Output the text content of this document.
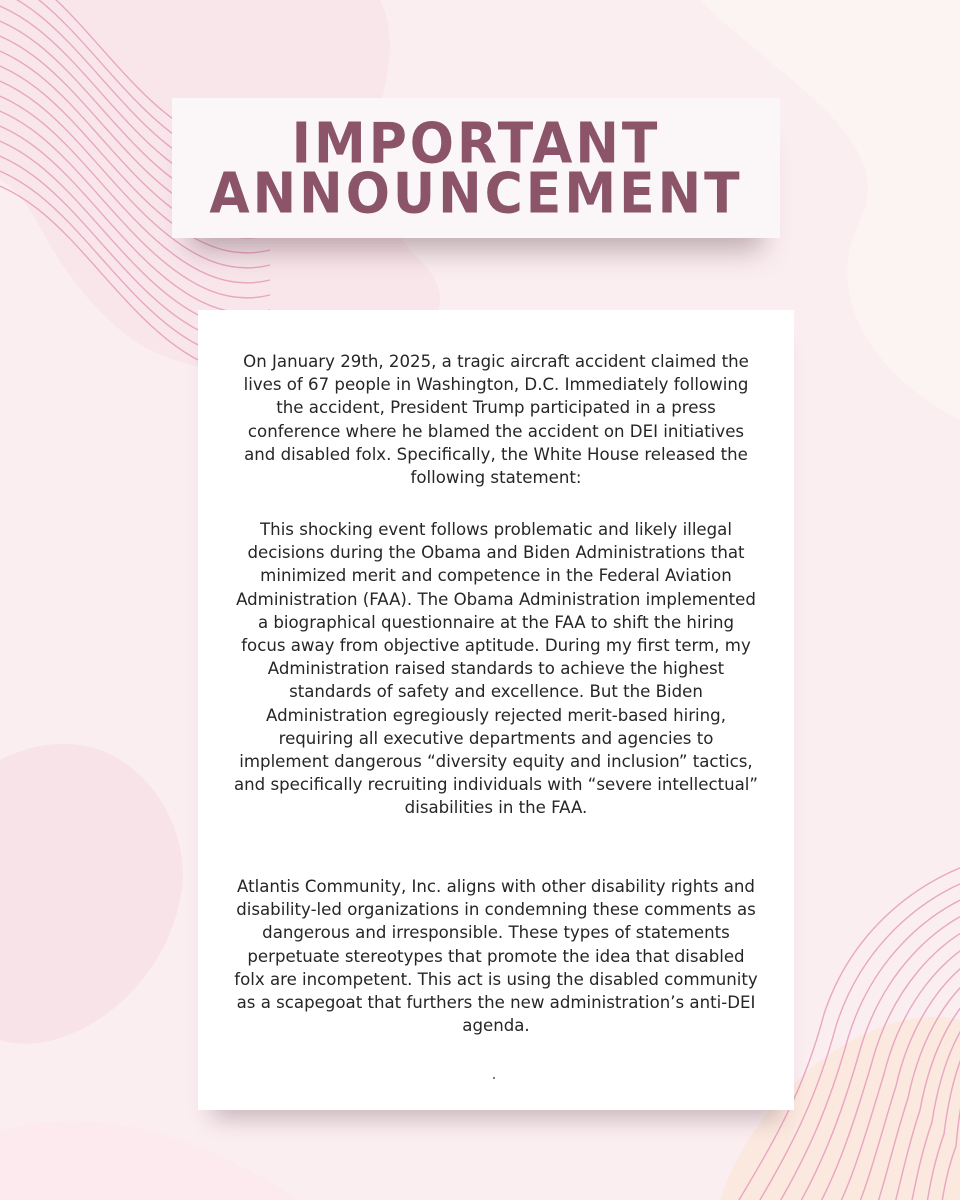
IMPORTANT
ANNOUNCEMENT

On January 29th, 2025, a tragic aircraft accident claimed the lives of 67 people in Washington, D.C. Immediately following the accident, President Trump participated in a press conference where he blamed the accident on DEI initiatives and disabled folx. Specifically, the White House released the following statement:

This shocking event follows problematic and likely illegal decisions during the Obama and Biden Administrations that minimized merit and competence in the Federal Aviation Administration (FAA). The Obama Administration implemented a biographical questionnaire at the FAA to shift the hiring focus away from objective aptitude. During my first term, my Administration raised standards to achieve the highest standards of safety and excellence. But the Biden Administration egregiously rejected merit-based hiring, requiring all executive departments and agencies to implement dangerous “diversity equity and inclusion” tactics, and specifically recruiting individuals with “severe intellectual” disabilities in the FAA.

Atlantis Community, Inc. aligns with other disability rights and disability-led organizations in condemning these comments as dangerous and irresponsible. These types of statements perpetuate stereotypes that promote the idea that disabled folx are incompetent. This act is using the disabled community as a scapegoat that furthers the new administration’s anti-DEI agenda.
